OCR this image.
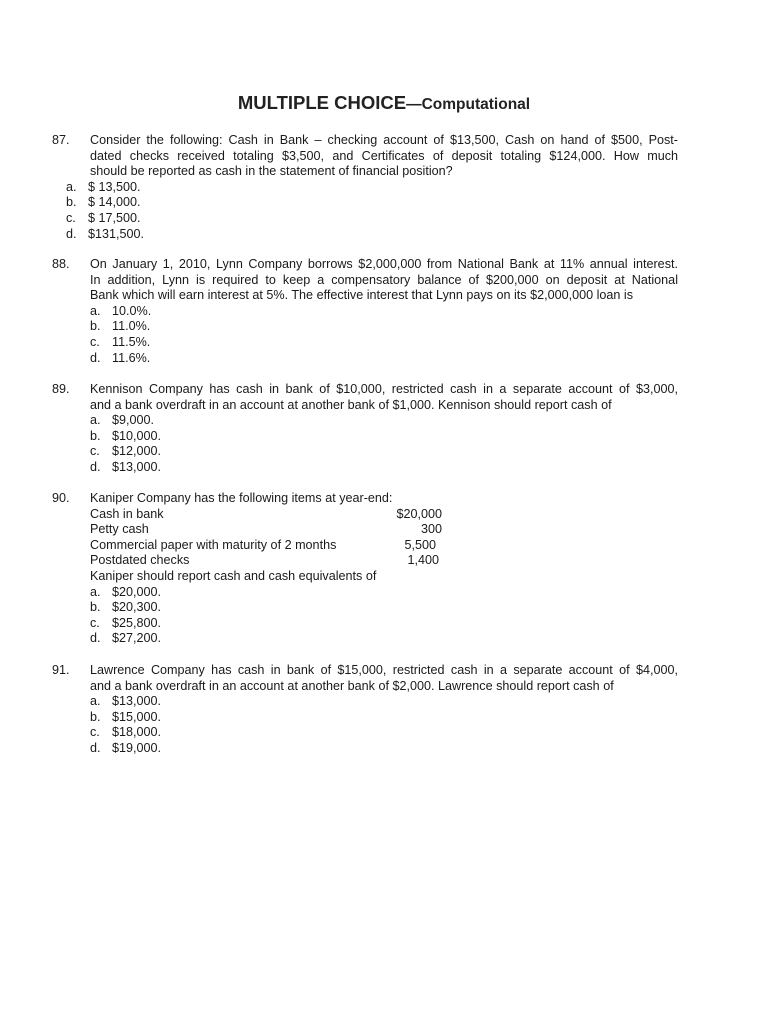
MULTIPLE CHOICE—Computational
87.	Consider the following: Cash in Bank – checking account of $13,500, Cash on hand of $500, Post-
dated checks received totaling $3,500, and Certificates of deposit totaling $124,000. How much
should be reported as cash in the statement of financial position?
a. $ 13,500.
b. $ 14,000.
c. $ 17,500.
d. $131,500.
88.	On January 1, 2010, Lynn Company borrows $2,000,000 from National Bank at 11% annual interest.
In addition, Lynn is required to keep a compensatory balance of $200,000 on deposit at National
Bank which will earn interest at 5%. The effective interest that Lynn pays on its $2,000,000 loan is
a. 10.0%.
b. 11.0%.
c. 11.5%.
d. 11.6%.
89.	Kennison Company has cash in bank of $10,000, restricted cash in a separate account of $3,000,
and a bank overdraft in an account at another bank of $1,000. Kennison should report cash of
a. $9,000.
b. $10,000.
c. $12,000.
d. $13,000.
90.	Kaniper Company has the following items at year-end:
Cash in bank	$20,000
Petty cash	300
Commercial paper with maturity of 2 months	5,500
Postdated checks	1,400
Kaniper should report cash and cash equivalents of
a. $20,000.
b. $20,300.
c. $25,800.
d. $27,200.
91.	Lawrence Company has cash in bank of $15,000, restricted cash in a separate account of $4,000,
and a bank overdraft in an account at another bank of $2,000. Lawrence should report cash of
a. $13,000.
b. $15,000.
c. $18,000.
d. $19,000.
